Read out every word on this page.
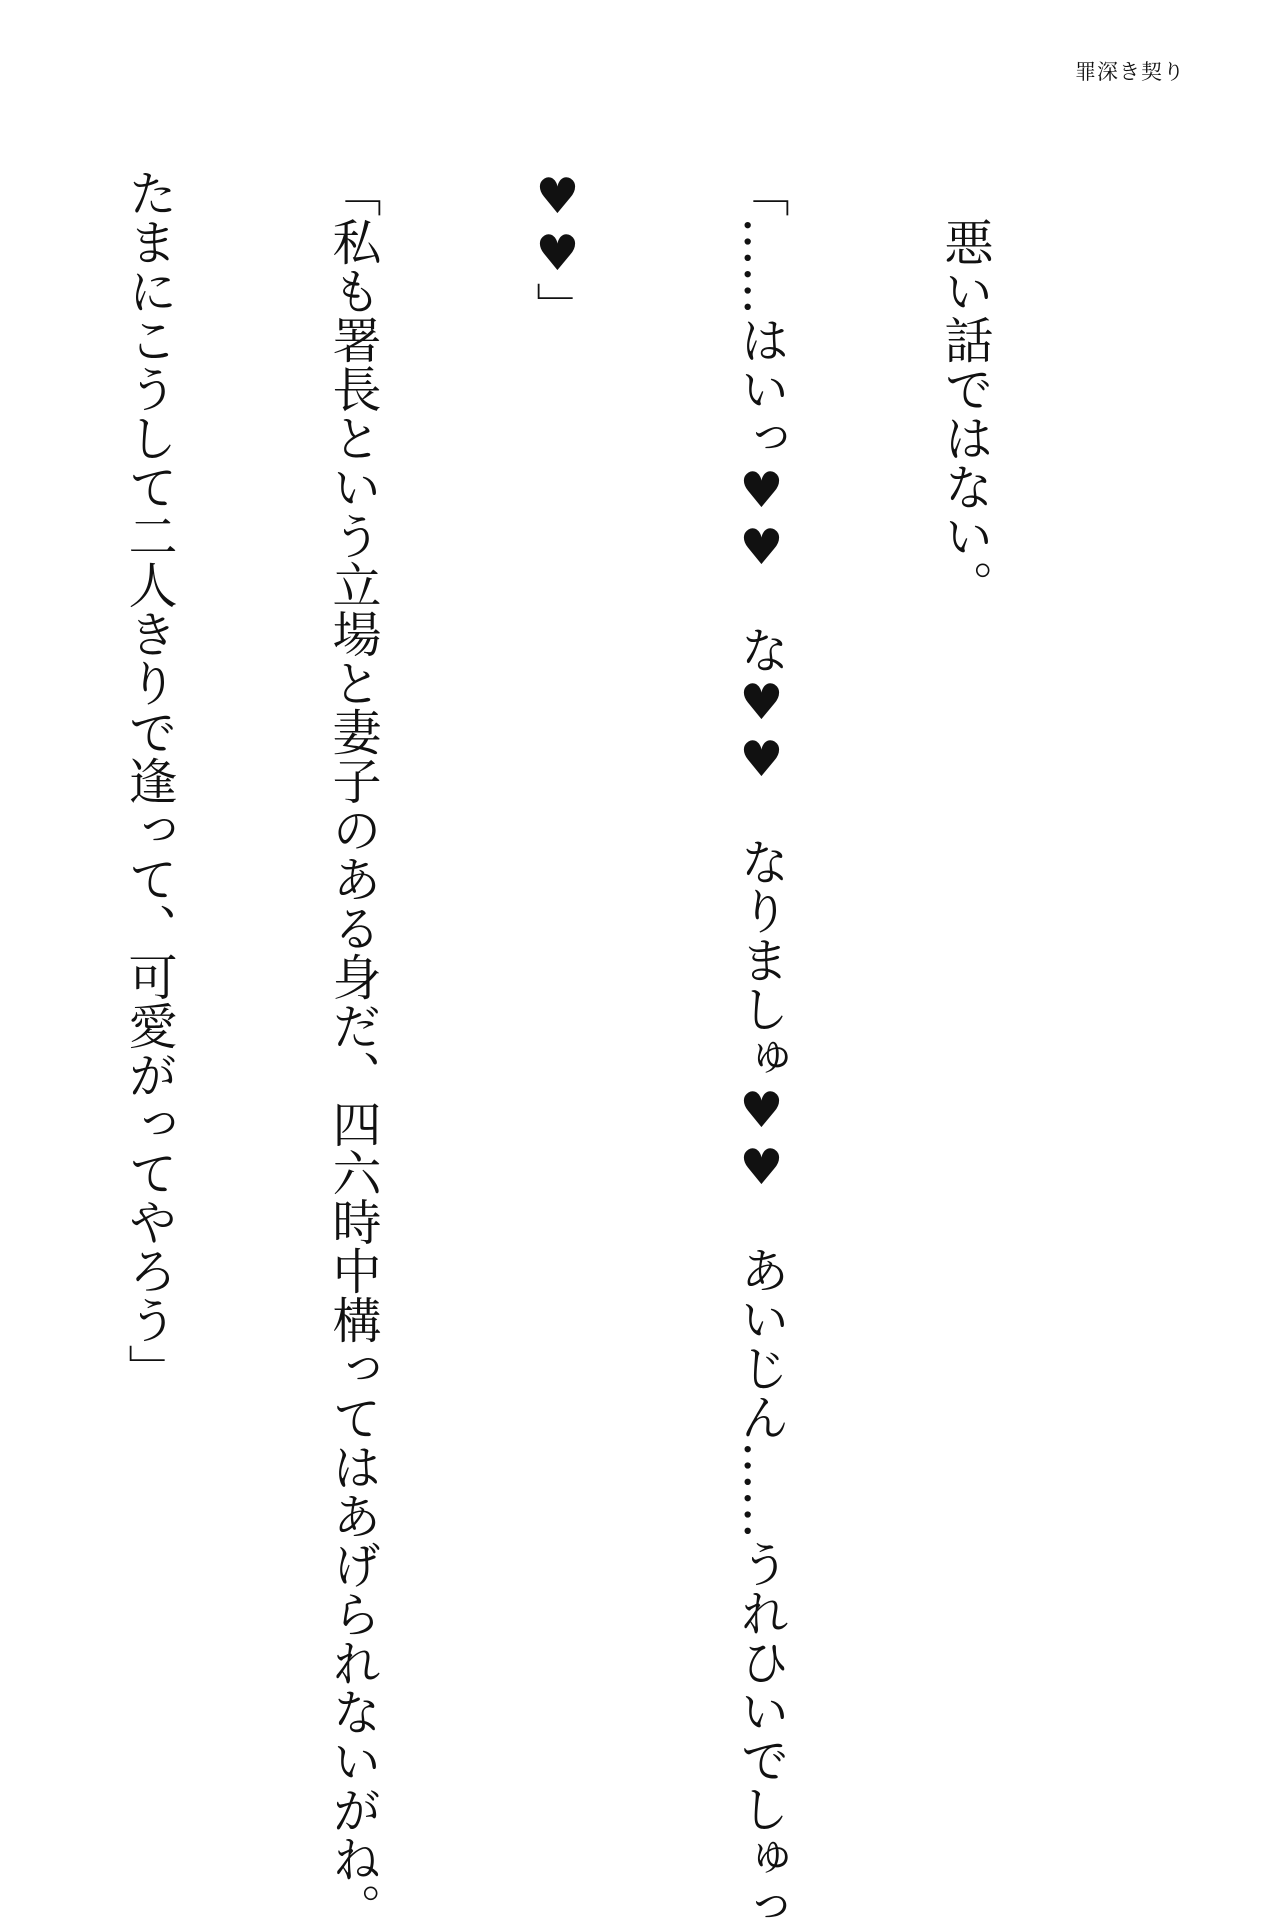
罪深き契り

　悪い話ではない。

「……はいっ♥♥　な♥♥　なりましゅ♥♥　あいじん……うれひいでしゅっ

♥♥」

「私も署長という立場と妻子のある身だ、四六時中構ってはあげられないがね。

たまにこうして二人きりで逢って、可愛がってやろう」
